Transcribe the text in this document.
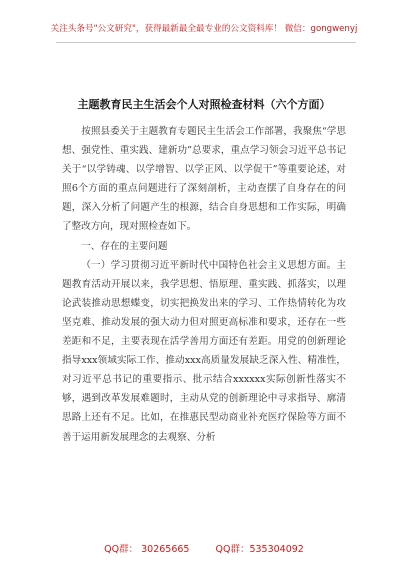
关注头条号"公文研究"，获得最新最全最专业的公文资料库！ 微信：gongwenyj
主题教育民主生活会个人对照检查材料（六个方面）

按照县委关于主题教育专题民主生活会工作部署，我聚焦“学思想、强党性、重实践、建新功”总要求，重点学习领会习近平总书记关于“以学铸魂、以学增智、以学正风、以学促干”等重要论述，对照6个方面的重点问题进行了深刻剖析，主动查摆了自身存在的问题，深入分析了问题产生的根源，结合自身思想和工作实际，明确了整改方向，现对照检查如下。

一、存在的主要问题

（一）学习贯彻习近平新时代中国特色社会主义思想方面。主题教育活动开展以来，我学思想、悟原理、重实践、抓落实，以理论武装推动思想蝶变，切实把换发出来的学习、工作热情转化为攻坚克难、推动发展的强大动力但对照更高标准和要求，还存在一些差距和不足，主要表现在活学善用方面还有差距。用党的创新理论指导xxx领域实际工作、推动xxx高质量发展缺乏深入性、精准性，对习近平总书记的重要指示、批示结合xxxxxx实际创新性落实不够，遇到改革发展难题时，主动从党的创新理论中寻求指导、廓清思路上还有不足。比如，在推惠民型动商业补充医疗保险等方面不善于运用新发展理念的去观察、分析

QQ群： 30265665	QQ群：535304092
